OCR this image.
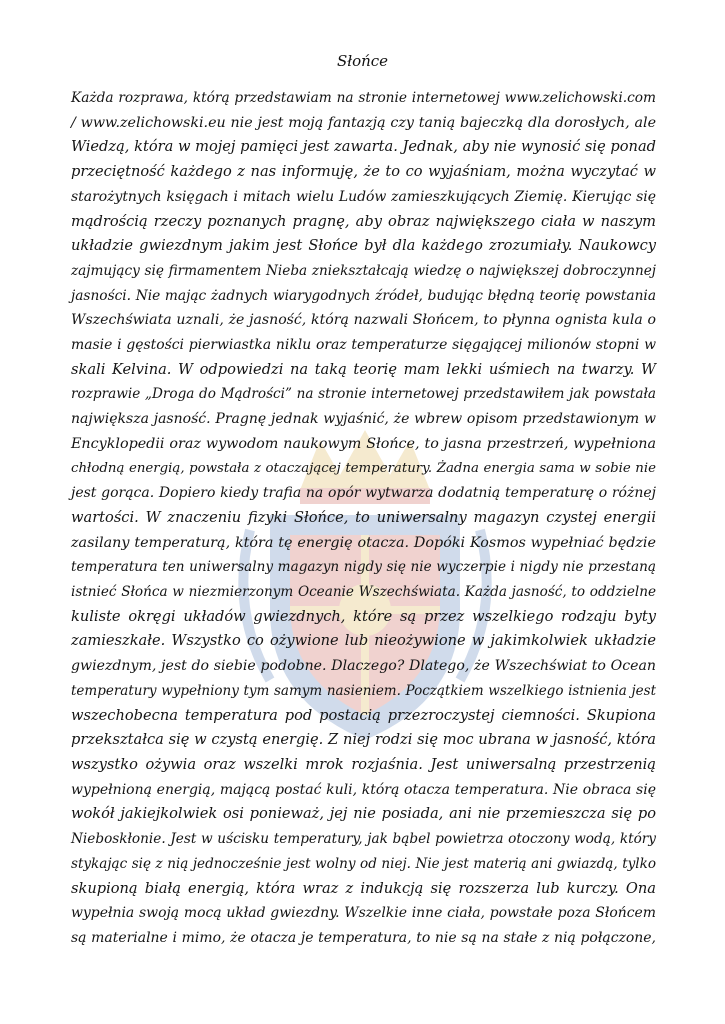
Słońce
Każda rozprawa, którą przedstawiam na stronie internetowej www.zelichowski.com
/ www.zelichowski.eu nie jest moją fantazją czy tanią bajeczką dla dorosłych, ale
Wiedzą, która w mojej pamięci jest zawarta. Jednak, aby nie wynosić się ponad
przeciętność każdego z nas informuję, że to co wyjaśniam, można wyczytać w
starożytnych księgach i mitach wielu Ludów zamieszkujących Ziemię. Kierując się
mądrością rzeczy poznanych pragnę, aby obraz największego ciała w naszym
układzie gwiezdnym jakim jest Słońce był dla każdego zrozumiały. Naukowcy
zajmujący się firmamentem Nieba zniekształcają wiedzę o największej dobroczynnej
jasności. Nie mając żadnych wiarygodnych źródeł, budując błędną teorię powstania
Wszechświata uznali, że jasność, którą nazwali Słońcem, to płynna ognista kula o
masie i gęstości pierwiastka niklu oraz temperaturze sięgającej milionów stopni w
skali Kelvina. W odpowiedzi na taką teorię mam lekki uśmiech na twarzy. W
rozprawie „Droga do Mądrości” na stronie internetowej przedstawiłem jak powstała
największa jasność. Pragnę jednak wyjaśnić, że wbrew opisom przedstawionym w
Encyklopedii oraz wywodom naukowym Słońce, to jasna przestrzeń, wypełniona
chłodną energią, powstała z otaczającej temperatury. Żadna energia sama w sobie nie
jest gorąca. Dopiero kiedy trafia na opór wytwarza dodatnią temperaturę o różnej
wartości. W znaczeniu fizyki Słońce, to uniwersalny magazyn czystej energii
zasilany temperaturą, która tę energię otacza. Dopóki Kosmos wypełniać będzie
temperatura ten uniwersalny magazyn nigdy się nie wyczerpie i nigdy nie przestaną
istnieć Słońca w niezmierzonym Oceanie Wszechświata. Każda jasność, to oddzielne
kuliste okręgi układów gwiezdnych, które są przez wszelkiego rodzaju byty
zamieszkałe. Wszystko co ożywione lub nieożywione w jakimkolwiek układzie
gwiezdnym, jest do siebie podobne. Dlaczego? Dlatego, że Wszechświat to Ocean
temperatury wypełniony tym samym nasieniem. Początkiem wszelkiego istnienia jest
wszechobecna temperatura pod postacią przezroczystej ciemności. Skupiona
przekształca się w czystą energię. Z niej rodzi się moc ubrana w jasność, która
wszystko ożywia oraz wszelki mrok rozjaśnia. Jest uniwersalną przestrzenią
wypełnioną energią, mającą postać kuli, którą otacza temperatura. Nie obraca się
wokół jakiejkolwiek osi ponieważ, jej nie posiada, ani nie przemieszcza się po
Nieboskłonie. Jest w uścisku temperatury, jak bąbel powietrza otoczony wodą, który
stykając się z nią jednocześnie jest wolny od niej. Nie jest materią ani gwiazdą, tylko
skupioną białą energią, która wraz z indukcją się rozszerza lub kurczy. Ona
wypełnia swoją mocą układ gwiezdny. Wszelkie inne ciała, powstałe poza Słońcem
są materialne i mimo, że otacza je temperatura, to nie są na stałe z nią połączone,
